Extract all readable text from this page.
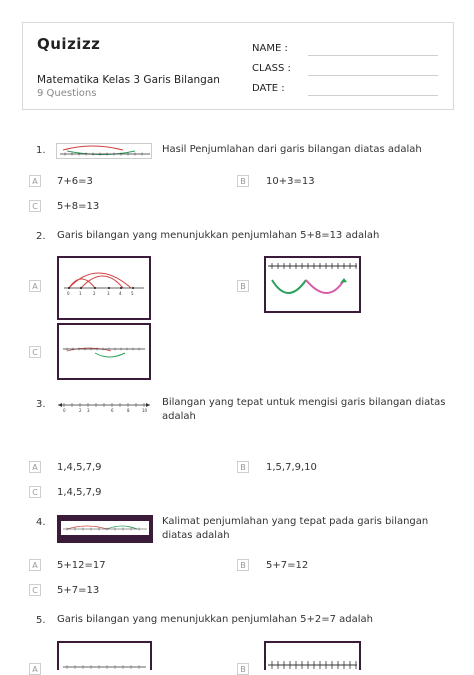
Quizizz
Matematika Kelas 3 Garis Bilangan
9 Questions
NAME :
CLASS :
DATE :
1.	Hasil Penjumlahan dari garis bilangan diatas adalah
A	7+6=3	B	10+3=13
C	5+8=13
2. Garis bilangan yang menunjukkan penjumlahan 5+8=13 adalah
A
0 1	2	3 4 5
B
C
3.
0	2 3	6	8	10
Bilangan yang tepat untuk mengisi garis bilangan diatas adalah
A	1,4,5,7,9	B	1,5,7,9,10
C	1,4,5,7,9
4.	Kalimat penjumlahan yang tepat pada garis bilangan diatas adalah
A	5+12=17	B	5+7=12
C	5+7=13
5. Garis bilangan yang menunjukkan penjumlahan 5+2=7 adalah
A	B
